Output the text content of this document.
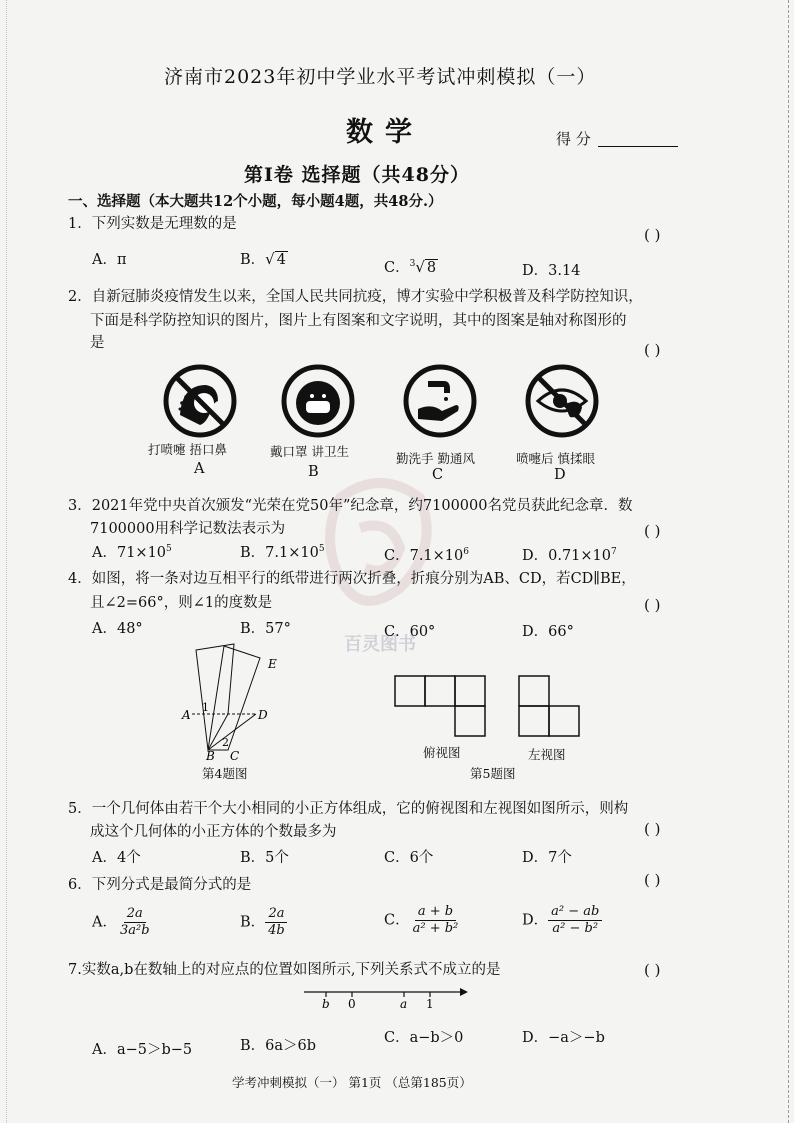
百灵图书
济南市2023年初中学业水平考试冲刺模拟（一）
数学	得 分
第Ⅰ卷 选择题（共48分）
一、选择题（本大题共12个小题，每小题4题，共48分.）
1．下列实数是无理数的是
( )
A．π	B．√ 4	C．$^3$√ 8	D．3.14
2．自新冠肺炎疫情发生以来，全国人民共同抗疫，博才实验中学积极普及科学防控知识，
下面是科学防控知识的图片，图片上有图案和文字说明，其中的图案是轴对称图形的
是	( )
打喷嚏 捂口鼻	戴口罩 讲卫生	勤洗手 勤通风	喷嚏后 慎揉眼
A	B	C	D
3．2021年党中央首次颁发“光荣在党50年”纪念章，约7100000名党员获此纪念章．数
7100000用科学记数法表示为	( )
A．$71\times 10^5$	B．$7.1\times 10^5$	C．$7.1\times 10^6$	D．$0.71\times 10^7$
4．如图，将一条对边互相平行的纸带进行两次折叠，折痕分别为AB、CD，若CD∥BE，
且∠2=66°，则∠1的度数是	( )
A．48°	B．57°	C．60°	D．66°
E
A	D
B C
1
2
第4题图
俯视图	左视图
第5题图
5．一个几何体由若干个大小相同的小正方体组成，它的俯视图和左视图如图所示，则构
成这个几何体的小正方体的个数最多为	( )
A．4个	B．5个	C．6个	D．7个
6．下列分式是最简分式的是	( )
A． $\frac{2a}{\text{3a²b}}$	B． $\frac{2a}{4b}$	C． $\frac{a + b}{\text{a² + b²}}$	D． $\frac{\text{a² − ab}}{\text{a² − b²}}$
7.实数a,b在数轴上的对应点的位置如图所示,下列关系式不成立的是	( )
b 0	a 1
A．a−5＞b−5	B．6a＞6b	C．a−b＞0	D．−a＞−b
学考冲刺模拟（一） 第1页 （总第185页）
